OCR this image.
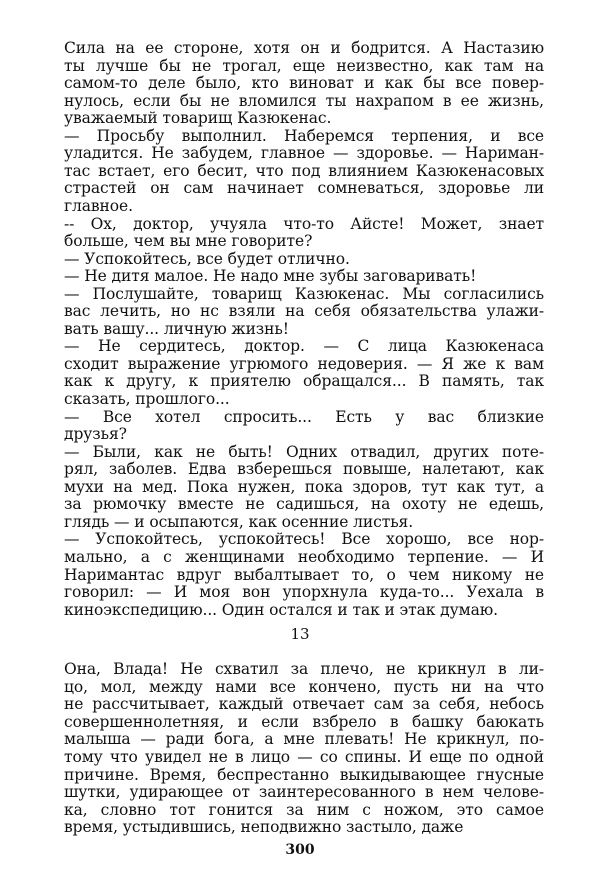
Сила на ее стороне, хотя он и бодрится. А Настазию
ты лучше бы не трогал, еще неизвестно, как там на
самом-то деле было, кто виноват и как бы все повер-
нулось, если бы не вломился ты нахрапом в ее жизнь,
уважаемый товарищ Казюкенас.
— Просьбу выполнил. Наберемся терпения, и все
уладится. Не забудем, главное — здоровье. — Нариман-
тас встает, его бесит, что под влиянием Казюкенасовых
страстей он сам начинает сомневаться, здоровье ли
главное.
-- Ох, доктор, учуяла что-то Айсте! Может, знает
больше, чем вы мне говорите?
— Успокойтесь, все будет отлично.
— Не дитя малое. Не надо мне зубы заговаривать!
— Послушайте, товарищ Казюкенас. Мы согласились
вас лечить, но нс взяли на себя обязательства улажи-
вать вашу... личную жизнь!
— Не сердитесь, доктор. — С лица Казюкенаса
сходит выражение угрюмого недоверия. — Я же к вам
как к другу, к приятелю обращался... В память, так
сказать, прошлого...
— Все хотел спросить... Есть у вас близкие
друзья?
— Были, как не быть! Одних отвадил, других поте-
рял, заболев. Едва взберешься повыше, налетают, как
мухи на мед. Пока нужен, пока здоров, тут как тут, а
за рюмочку вместе не садишься, на охоту не едешь,
глядь — и осыпаются, как осенние листья.
— Успокойтесь, успокойтесь! Все хорошо, все нор-
мально, а с женщинами необходимо терпение. — И
Наримантас вдруг выбалтывает то, о чем никому не
говорил: — И моя вон упорхнула куда-то... Уехала в
киноэкспедицию... Один остался и так и этак думаю.
13
Она, Влада! Не схватил за плечо, не крикнул в ли-
цо, мол, между нами все кончено, пусть ни на что
не рассчитывает, каждый отвечает сам за себя, небось
совершеннолетняя, и если взбрело в башку баюкать
малыша — ради бога, а мне плевать! Не крикнул, по-
тому что увидел не в лицо — со спины. И еще по одной
причине. Время, беспрестанно выкидывающее гнусные
шутки, удирающее от заинтересованного в нем челове-
ка, словно тот гонится за ним с ножом, это самое
время, устыдившись, неподвижно застыло, даже
300
